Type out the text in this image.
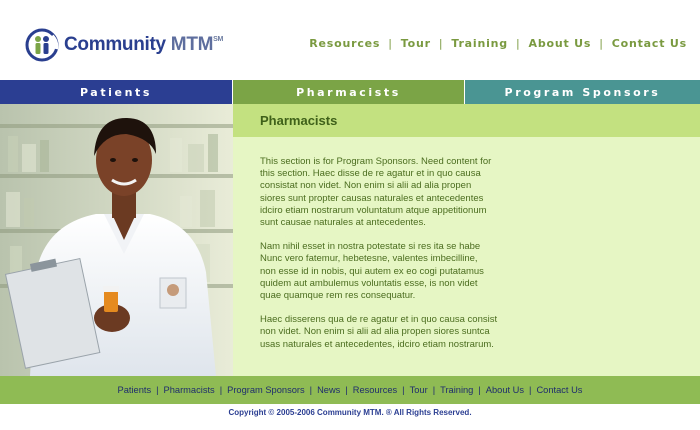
Community MTM℠	Resources | Tour | Training | About Us | Contact Us
Patients	Pharmacists	Program Sponsors
Pharmacists

This section is for Program Sponsors. Need content for
this section. Haec disse de re agatur et in quo causa
consistat non videt. Non enim si alii ad alia propen
siores sunt propter causas naturales et antecedentes
idciro etiam nostrarum voluntatum atque appetitionum
sunt causae naturales at antecedentes.

Nam nihil esset in nostra potestate si res ita se habe
Nunc vero fatemur, hebetesne, valentes imbecilline,
non esse id in nobis, qui autem ex eo cogi putatamus
quidem aut ambulemus voluntatis esse, is non videt
quae quamque rem res consequatur.

Haec disserens qua de re agatur et in quo causa consist
non videt. Non enim si alii ad alia propen siores suntca
usas naturales et antecedentes, idciro etiam nostrarum.

Patients | Pharmacists | Program Sponsors | News | Resources | Tour | Training | About Us | Contact Us
Copyright © 2005-2006 Community MTM. ® All Rights Reserved.
